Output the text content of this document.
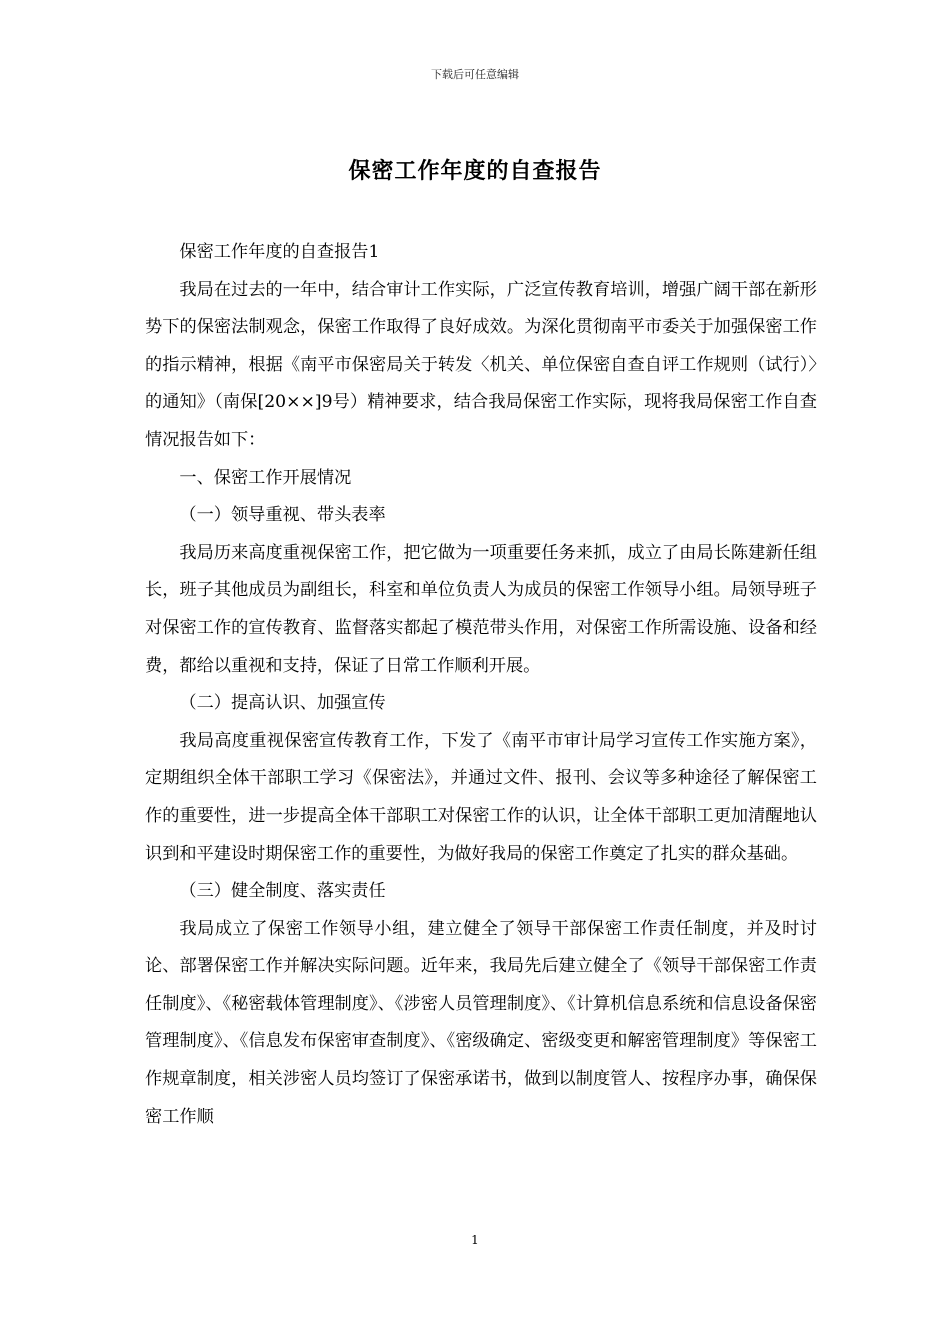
下载后可任意编辑
保密工作年度的自查报告

保密工作年度的自查报告1

我局在过去的一年中，结合审计工作实际，广泛宣传教育培训，增强广阔干部在新形势下的保密法制观念，保密工作取得了良好成效。为深化贯彻南平市委关于加强保密工作的指示精神，根据《南平市保密局关于转发〈机关、单位保密自查自评工作规则（试行）〉的通知》（南保[20××]9号）精神要求，结合我局保密工作实际，现将我局保密工作自查情况报告如下：

一、保密工作开展情况

（一）领导重视、带头表率

我局历来高度重视保密工作，把它做为一项重要任务来抓，成立了由局长陈建新任组长，班子其他成员为副组长，科室和单位负责人为成员的保密工作领导小组。局领导班子对保密工作的宣传教育、监督落实都起了模范带头作用，对保密工作所需设施、设备和经费，都给以重视和支持，保证了日常工作顺利开展。

（二）提高认识、加强宣传

我局高度重视保密宣传教育工作，下发了《南平市审计局学习宣传工作实施方案》，定期组织全体干部职工学习《保密法》，并通过文件、报刊、会议等多种途径了解保密工作的重要性，进一步提高全体干部职工对保密工作的认识，让全体干部职工更加清醒地认识到和平建设时期保密工作的重要性，为做好我局的保密工作奠定了扎实的群众基础。

（三）健全制度、落实责任

我局成立了保密工作领导小组，建立健全了领导干部保密工作责任制度，并及时讨论、部署保密工作并解决实际问题。近年来，我局先后建立健全了《领导干部保密工作责任制度》、《秘密载体管理制度》、《涉密人员管理制度》、《计算机信息系统和信息设备保密管理制度》、《信息发布保密审查制度》、《密级确定、密级变更和解密管理制度》等保密工作规章制度，相关涉密人员均签订了保密承诺书，做到以制度管人、按程序办事，确保保密工作顺

1
